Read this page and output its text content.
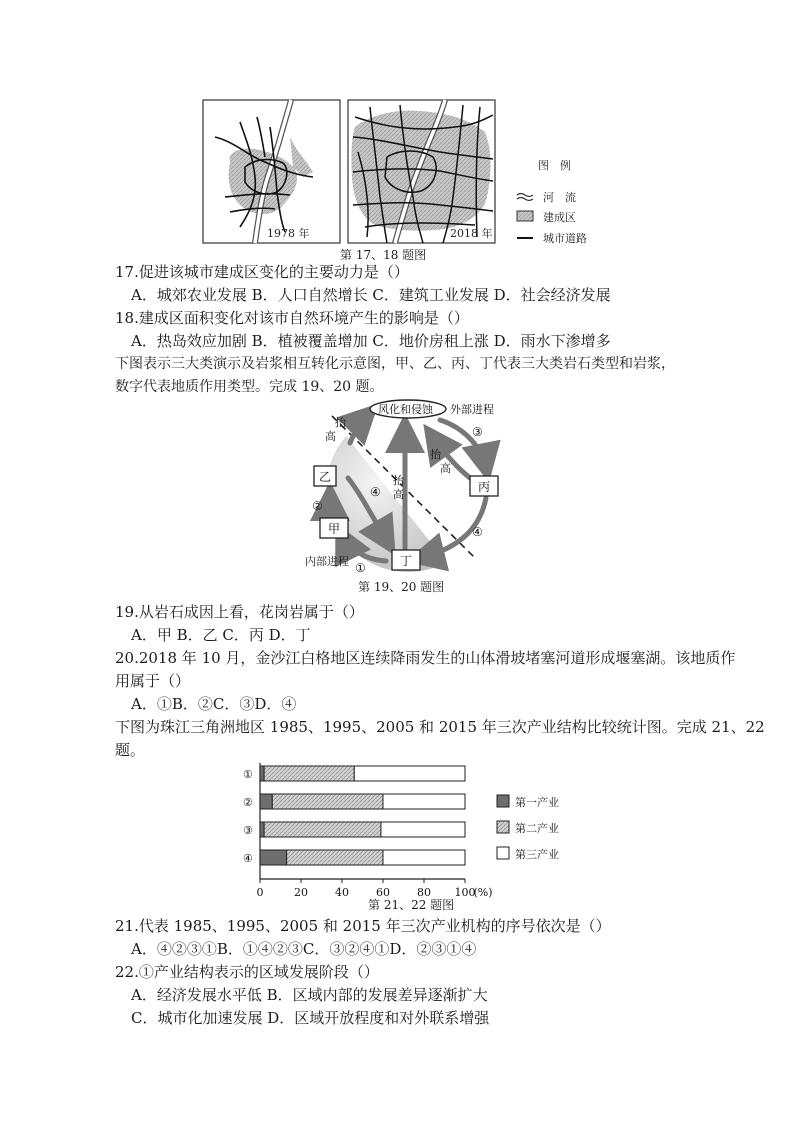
1978 年	2018 年
图　例
河　流
建成区
城市道路
第 17、18 题图
17.促进该城市建成区变化的主要动力是（）
A．城郊农业发展 B．人口自然增长 C．建筑工业发展 D．社会经济发展
18.建成区面积变化对该市自然环境产生的影响是（）
A．热岛效应加剧 B．植被覆盖增加 C．地价房租上涨 D．雨水下渗增多
下图表示三大类演示及岩浆相互转化示意图，甲、乙、丙、丁代表三大类岩石类型和岩浆，
数字代表地质作用类型。完成 19、20 题。
风化和侵蚀 外部进程
抬
高
抬
高
抬
高
③
④
④
②
①
乙
甲
丙
丁
内部进程
第 19、20 题图
19.从岩石成因上看，花岗岩属于（）
A．甲 B．乙 C．丙 D．丁
20.2018 年 10 月，金沙江白格地区连续降雨发生的山体滑坡堵塞河道形成堰塞湖。该地质作
用属于（）
A．①B．②C．③D．④
下图为珠江三角洲地区 1985、1995、2005 和 2015 年三次产业结构比较统计图。完成 21、22
题。
①
②
③
④
0	20 40 60 80 100
(%)
第一产业
第二产业
第三产业
第 21、22 题图
21.代表 1985、1995、2005 和 2015 年三次产业机构的序号依次是（）
A．④②③①B．①④②③C．③②④①D．②③①④
22.①产业结构表示的区域发展阶段（）
A．经济发展水平低 B．区域内部的发展差异逐渐扩大
C．城市化加速发展 D．区域开放程度和对外联系增强
